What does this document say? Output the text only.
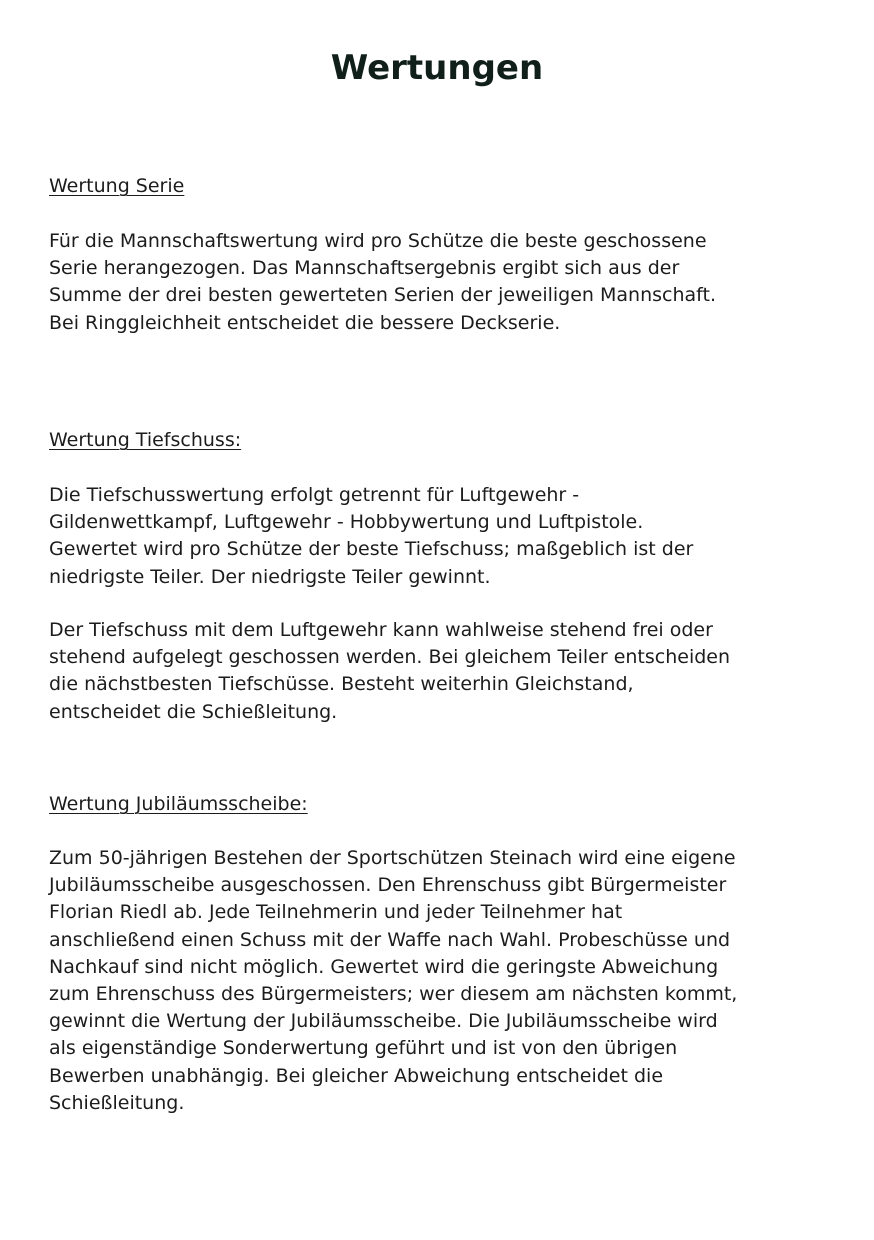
Wertungen
Wertung Serie
Für die Mannschaftswertung wird pro Schütze die beste geschossene
Serie herangezogen. Das Mannschaftsergebnis ergibt sich aus der
Summe der drei besten gewerteten Serien der jeweiligen Mannschaft.
Bei Ringgleichheit entscheidet die bessere Deckserie.
Wertung Tiefschuss:
Die Tiefschusswertung erfolgt getrennt für Luftgewehr -
Gildenwettkampf, Luftgewehr - Hobbywertung und Luftpistole.
Gewertet wird pro Schütze der beste Tiefschuss; maßgeblich ist der
niedrigste Teiler. Der niedrigste Teiler gewinnt.
Der Tiefschuss mit dem Luftgewehr kann wahlweise stehend frei oder
stehend aufgelegt geschossen werden. Bei gleichem Teiler entscheiden
die nächstbesten Tiefschüsse. Besteht weiterhin Gleichstand,
entscheidet die Schießleitung.
Wertung Jubiläumsscheibe:
Zum 50-jährigen Bestehen der Sportschützen Steinach wird eine eigene
Jubiläumsscheibe ausgeschossen. Den Ehrenschuss gibt Bürgermeister
Florian Riedl ab. Jede Teilnehmerin und jeder Teilnehmer hat
anschließend einen Schuss mit der Waffe nach Wahl. Probeschüsse und
Nachkauf sind nicht möglich. Gewertet wird die geringste Abweichung
zum Ehrenschuss des Bürgermeisters; wer diesem am nächsten kommt,
gewinnt die Wertung der Jubiläumsscheibe. Die Jubiläumsscheibe wird
als eigenständige Sonderwertung geführt und ist von den übrigen
Bewerben unabhängig. Bei gleicher Abweichung entscheidet die
Schießleitung.
